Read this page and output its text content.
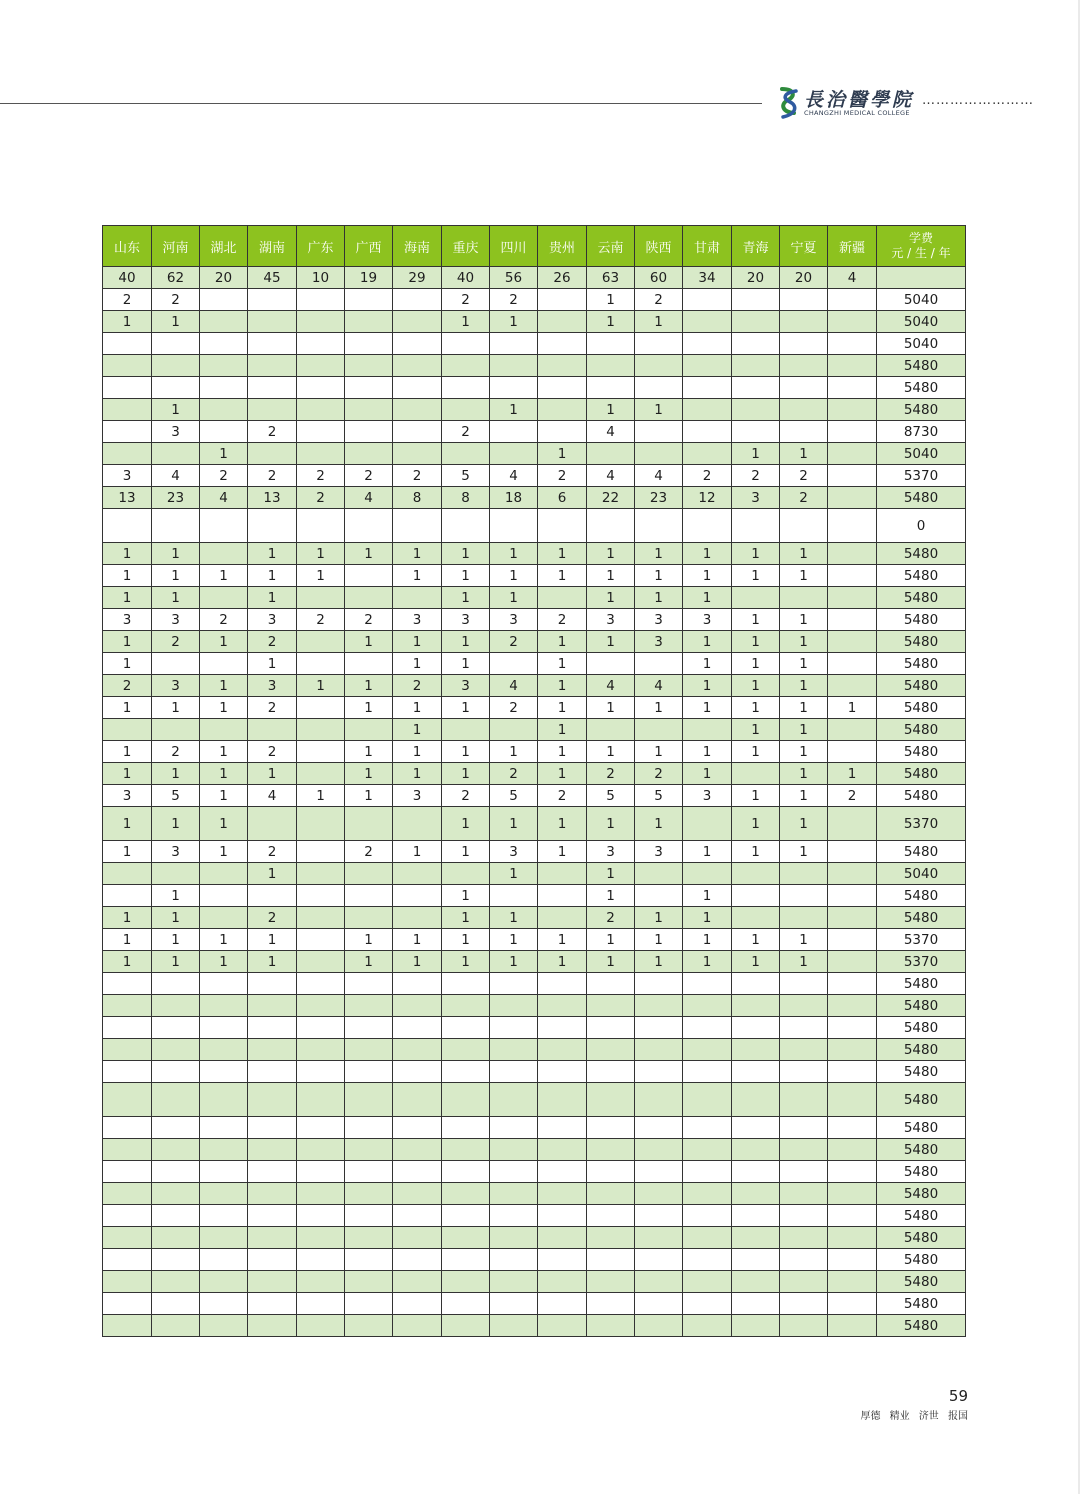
長治醫學院
CHANGZHI MEDICAL COLLEGE
……………………
山东	河南	湖北	湖南	广东	广西	海南	重庆	四川	贵州	云南	陕西	甘肃	青海	宁夏	新疆	学费
元 / 生 / 年
40	62	20	45	10	19	29	40	56	26	63	60	34	20	20	4	
2	2						2	2		1	2					5040
1	1						1	1		1	1					5040
																5040
																5480
																5480
	1							1		1	1					5480
	3		2				2			4						8730
		1							1				1	1		5040
3	4	2	2	2	2	2	5	4	2	4	4	2	2	2		5370
13	23	4	13	2	4	8	8	18	6	22	23	12	3	2		5480
																0
1	1		1	1	1	1	1	1	1	1	1	1	1	1		5480
1	1	1	1	1		1	1	1	1	1	1	1	1	1		5480
1	1		1				1	1		1	1	1				5480
3	3	2	3	2	2	3	3	3	2	3	3	3	1	1		5480
1	2	1	2		1	1	1	2	1	1	3	1	1	1		5480
1			1			1	1		1			1	1	1		5480
2	3	1	3	1	1	2	3	4	1	4	4	1	1	1		5480
1	1	1	2		1	1	1	2	1	1	1	1	1	1	1	5480
						1			1				1	1		5480
1	2	1	2		1	1	1	1	1	1	1	1	1	1		5480
1	1	1	1		1	1	1	2	1	2	2	1		1	1	5480
3	5	1	4	1	1	3	2	5	2	5	5	3	1	1	2	5480
1	1	1					1	1	1	1	1		1	1		5370
1	3	1	2		2	1	1	3	1	3	3	1	1	1		5480
			1					1		1						5040
	1						1			1		1				5480
1	1		2				1	1		2	1	1				5480
1	1	1	1		1	1	1	1	1	1	1	1	1	1		5370
1	1	1	1		1	1	1	1	1	1	1	1	1	1		5370
																5480
																5480
																5480
																5480
																5480
																5480
																5480
																5480
																5480
																5480
																5480
																5480
																5480
																5480
																5480
																5480
59
厚德 精业 济世 报国
